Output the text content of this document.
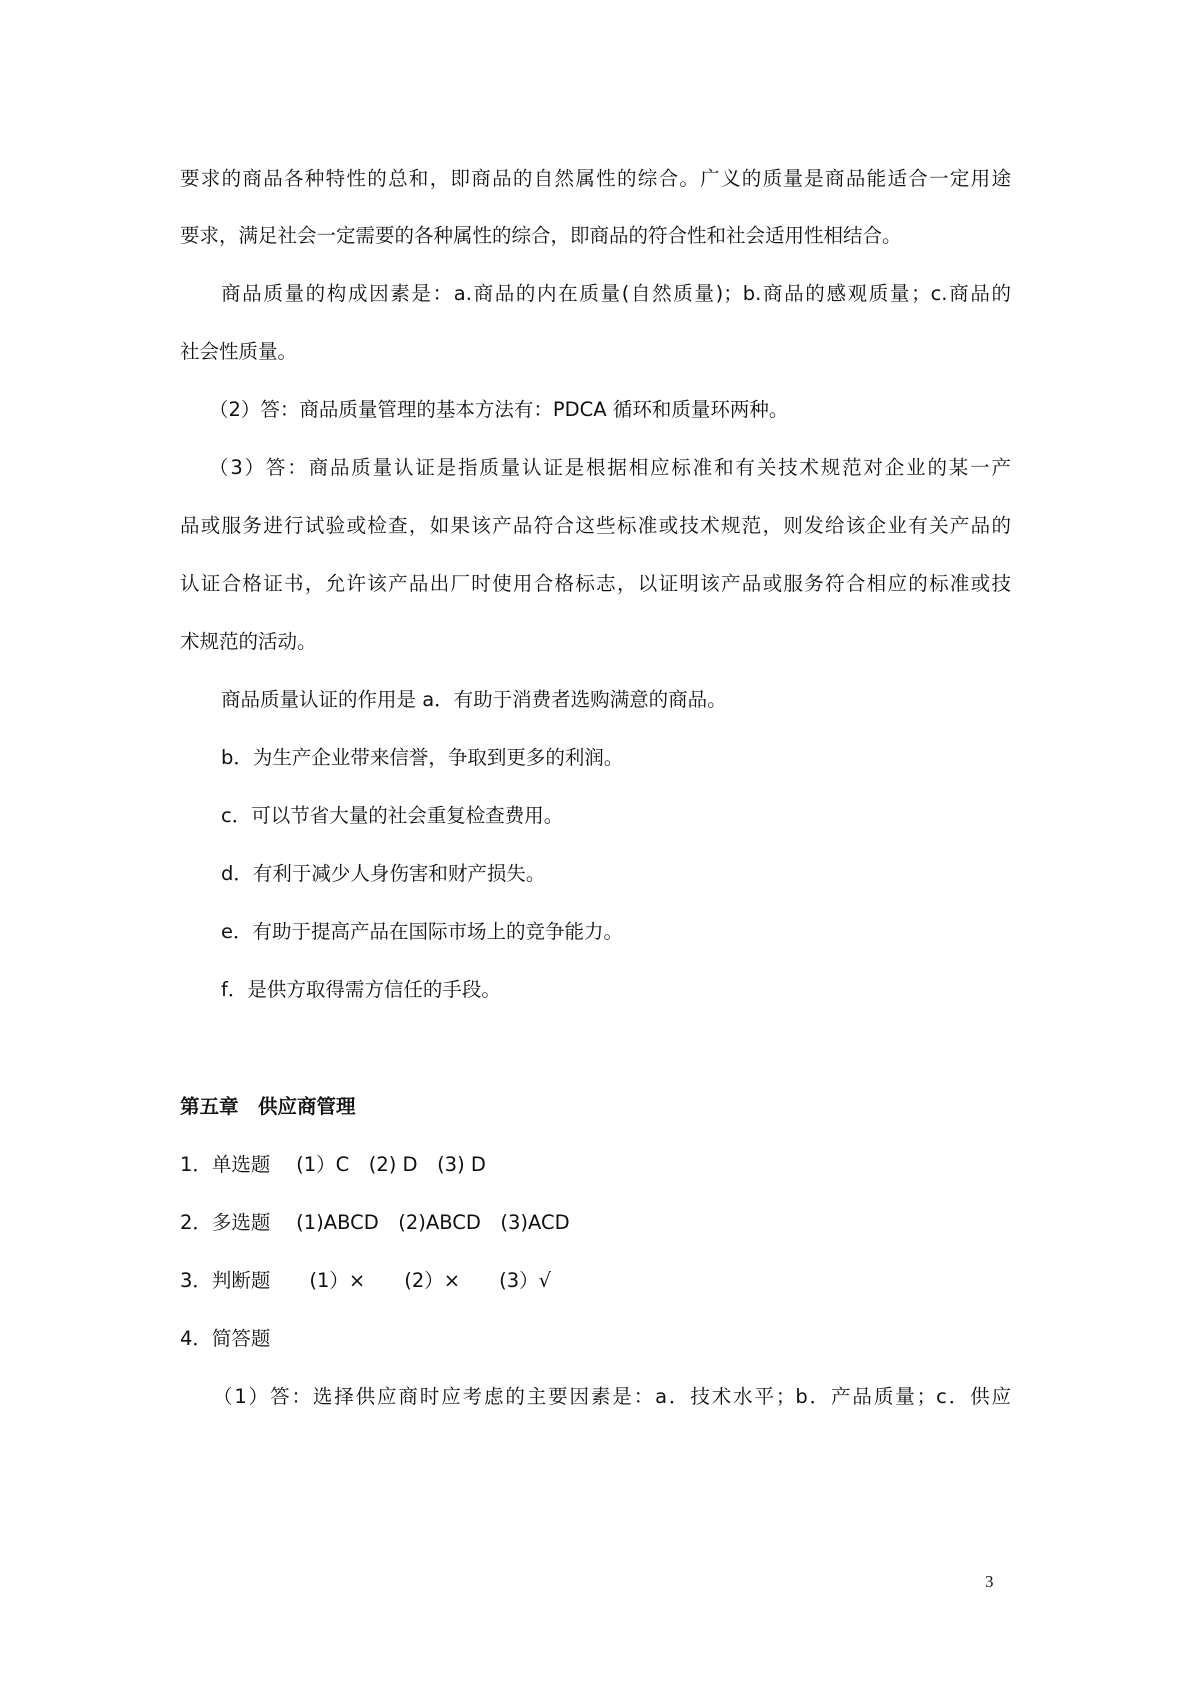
要求的商品各种特性的总和，即商品的自然属性的综合。广义的质量是商品能适合一定用途
要求，满足社会一定需要的各种属性的综合，即商品的符合性和社会适用性相结合。
商品质量的构成因素是：a.商品的内在质量(自然质量)；b.商品的感观质量；c.商品的
社会性质量。
（2）答：商品质量管理的基本方法有：PDCA 循环和质量环两种。
（3）答：商品质量认证是指质量认证是根据相应标准和有关技术规范对企业的某一产
品或服务进行试验或检查，如果该产品符合这些标准或技术规范，则发给该企业有关产品的
认证合格证书，允许该产品出厂时使用合格标志，以证明该产品或服务符合相应的标准或技
术规范的活动。
商品质量认证的作用是 a．有助于消费者选购满意的商品。
b．为生产企业带来信誉，争取到更多的利润。
c．可以节省大量的社会重复检查费用。
d．有利于减少人身伤害和财产损失。
e．有助于提高产品在国际市场上的竞争能力。
f．是供方取得需方信任的手段。
第五章　供应商管理
1．单选题　 (1）C　(2) D　(3) D
2．多选题　 (1)ABCD　(2)ABCD　(3)ACD
3．判断题　　(1）×　　(2）×　　(3）√
4．简答题
（1）答：选择供应商时应考虑的主要因素是：a．技术水平；b．产品质量；c．供应
3
